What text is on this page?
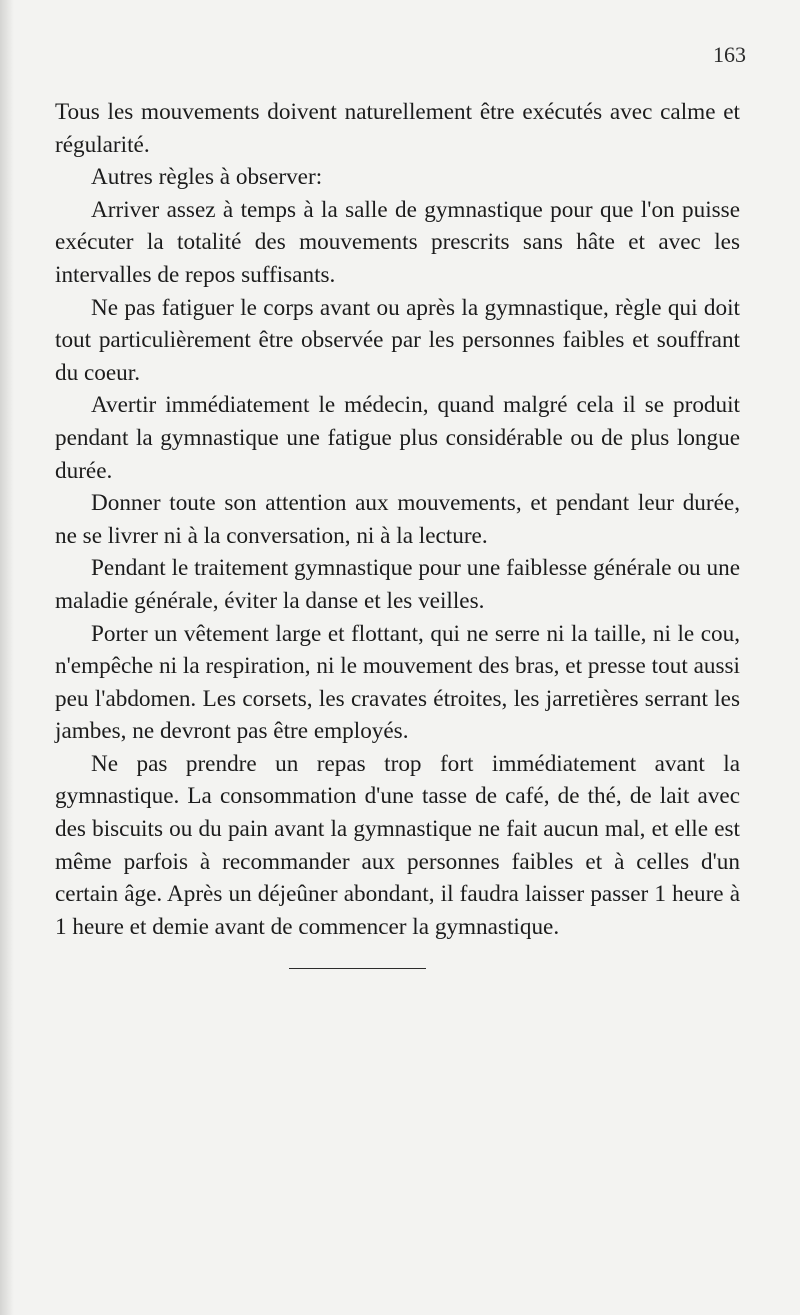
163

Tous les mouvements doivent naturellement être exécutés avec calme et régularité.

Autres règles à observer:

Arriver assez à temps à la salle de gymnastique pour que l'on puisse exécuter la totalité des mouvements prescrits sans hâte et avec les intervalles de repos suffisants.

Ne pas fatiguer le corps avant ou après la gymnastique, règle qui doit tout particulièrement être observée par les personnes faibles et souffrant du coeur.

Avertir immédiatement le médecin, quand malgré cela il se produit pendant la gymnastique une fatigue plus considérable ou de plus longue durée.

Donner toute son attention aux mouvements, et pendant leur durée, ne se livrer ni à la conversation, ni à la lecture.

Pendant le traitement gymnastique pour une faiblesse générale ou une maladie générale, éviter la danse et les veilles.

Porter un vêtement large et flottant, qui ne serre ni la taille, ni le cou, n'empêche ni la respiration, ni le mouvement des bras, et presse tout aussi peu l'abdomen. Les corsets, les cravates étroites, les jarretières serrant les jambes, ne devront pas être employés.

Ne pas prendre un repas trop fort immédiatement avant la gymnastique. La consommation d'une tasse de café, de thé, de lait avec des biscuits ou du pain avant la gymnastique ne fait aucun mal, et elle est même parfois à recommander aux personnes faibles et à celles d'un certain âge. Après un déjeûner abondant, il faudra laisser passer 1 heure à 1 heure et demie avant de commencer la gymnastique.
